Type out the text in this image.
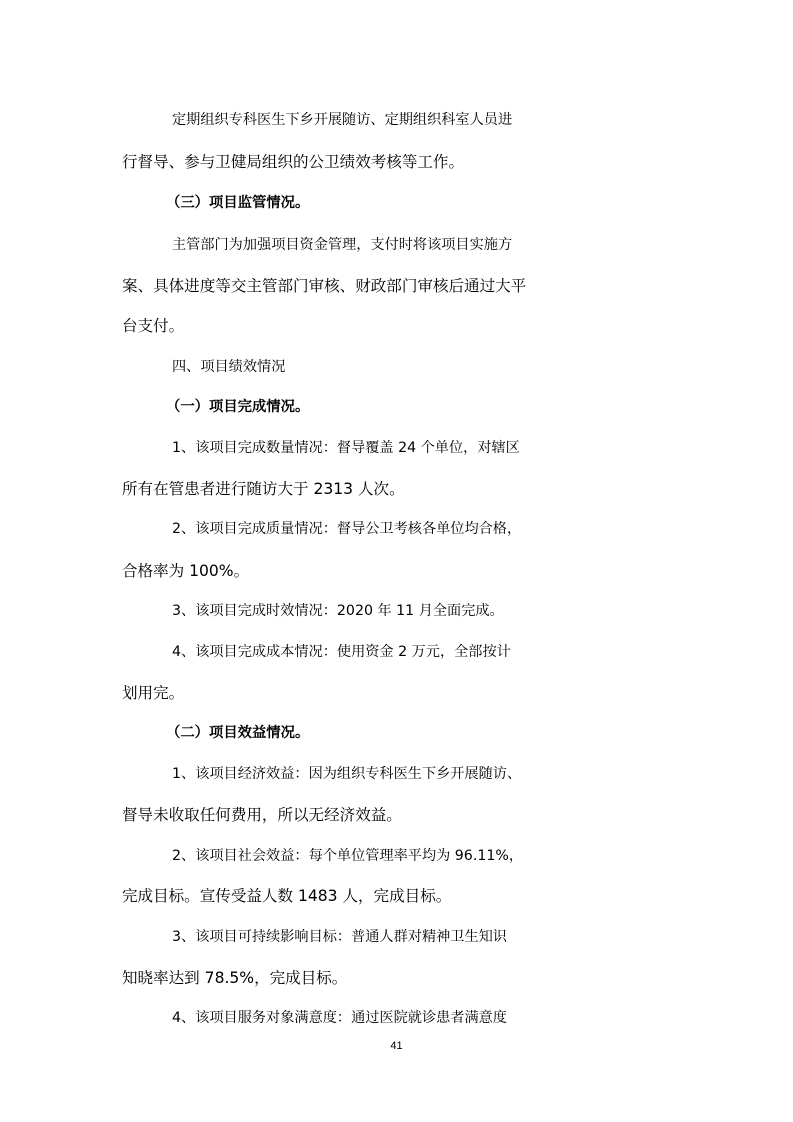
定期组织专科医生下乡开展随访、定期组织科室人员进
行督导、参与卫健局组织的公卫绩效考核等工作。
（三）项目监管情况。
主管部门为加强项目资金管理，支付时将该项目实施方
案、具体进度等交主管部门审核、财政部门审核后通过大平
台支付。
四、项目绩效情况
（一）项目完成情况。
1、该项目完成数量情况：督导覆盖 24 个单位，对辖区
所有在管患者进行随访大于 2313 人次。
2、该项目完成质量情况：督导公卫考核各单位均合格，
合格率为 100%。
3、该项目完成时效情况：2020 年 11 月全面完成。
4、该项目完成成本情况：使用资金 2 万元，全部按计
划用完。
（二）项目效益情况。
1、该项目经济效益：因为组织专科医生下乡开展随访、
督导未收取任何费用，所以无经济效益。
2、该项目社会效益：每个单位管理率平均为 96.11%，
完成目标。宣传受益人数 1483 人，完成目标。
3、该项目可持续影响目标：普通人群对精神卫生知识
知晓率达到 78.5%，完成目标。
4、该项目服务对象满意度：通过医院就诊患者满意度
41
